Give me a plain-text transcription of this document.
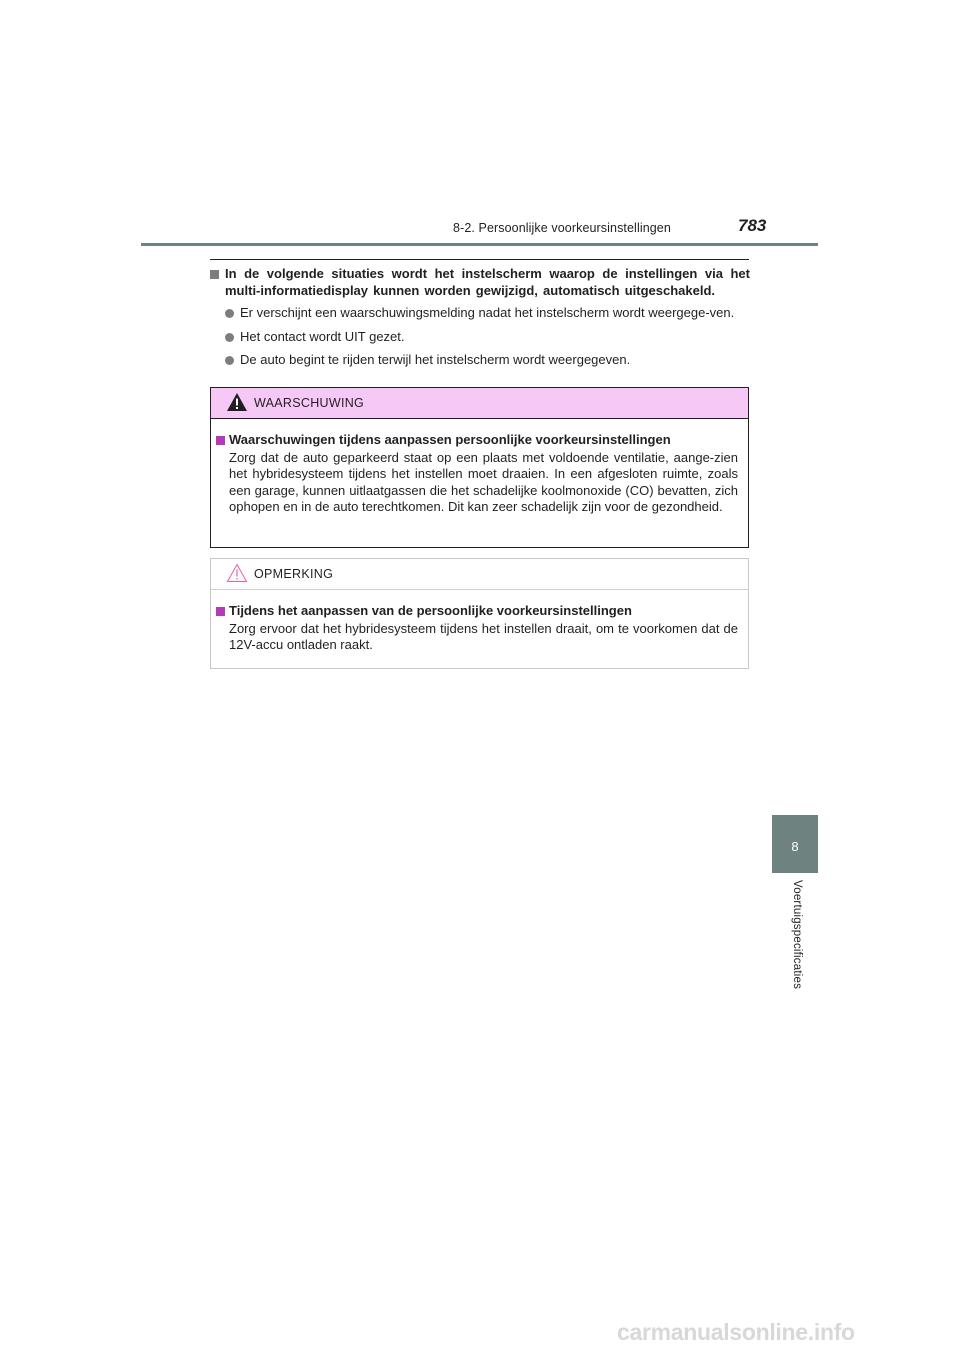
8-2. Persoonlijke voorkeursinstellingen	783
In de volgende situaties wordt het instelscherm waarop de instellingen via het multi-informatiedisplay kunnen worden gewijzigd, automatisch uitgeschakeld.
Er verschijnt een waarschuwingsmelding nadat het instelscherm wordt weergege-ven.
Het contact wordt UIT gezet.
De auto begint te rijden terwijl het instelscherm wordt weergegeven.
WAARSCHUWING
Waarschuwingen tijdens aanpassen persoonlijke voorkeursinstellingen
Zorg dat de auto geparkeerd staat op een plaats met voldoende ventilatie, aange-zien het hybridesysteem tijdens het instellen moet draaien. In een afgesloten ruimte, zoals een garage, kunnen uitlaatgassen die het schadelijke koolmonoxide (CO) bevatten, zich ophopen en in de auto terechtkomen. Dit kan zeer schadelijk zijn voor de gezondheid.
OPMERKING
Tijdens het aanpassen van de persoonlijke voorkeursinstellingen
Zorg ervoor dat het hybridesysteem tijdens het instellen draait, om te voorkomen dat de 12V-accu ontladen raakt.
8
Voertuigspecificaties
carmanualsonline.info
